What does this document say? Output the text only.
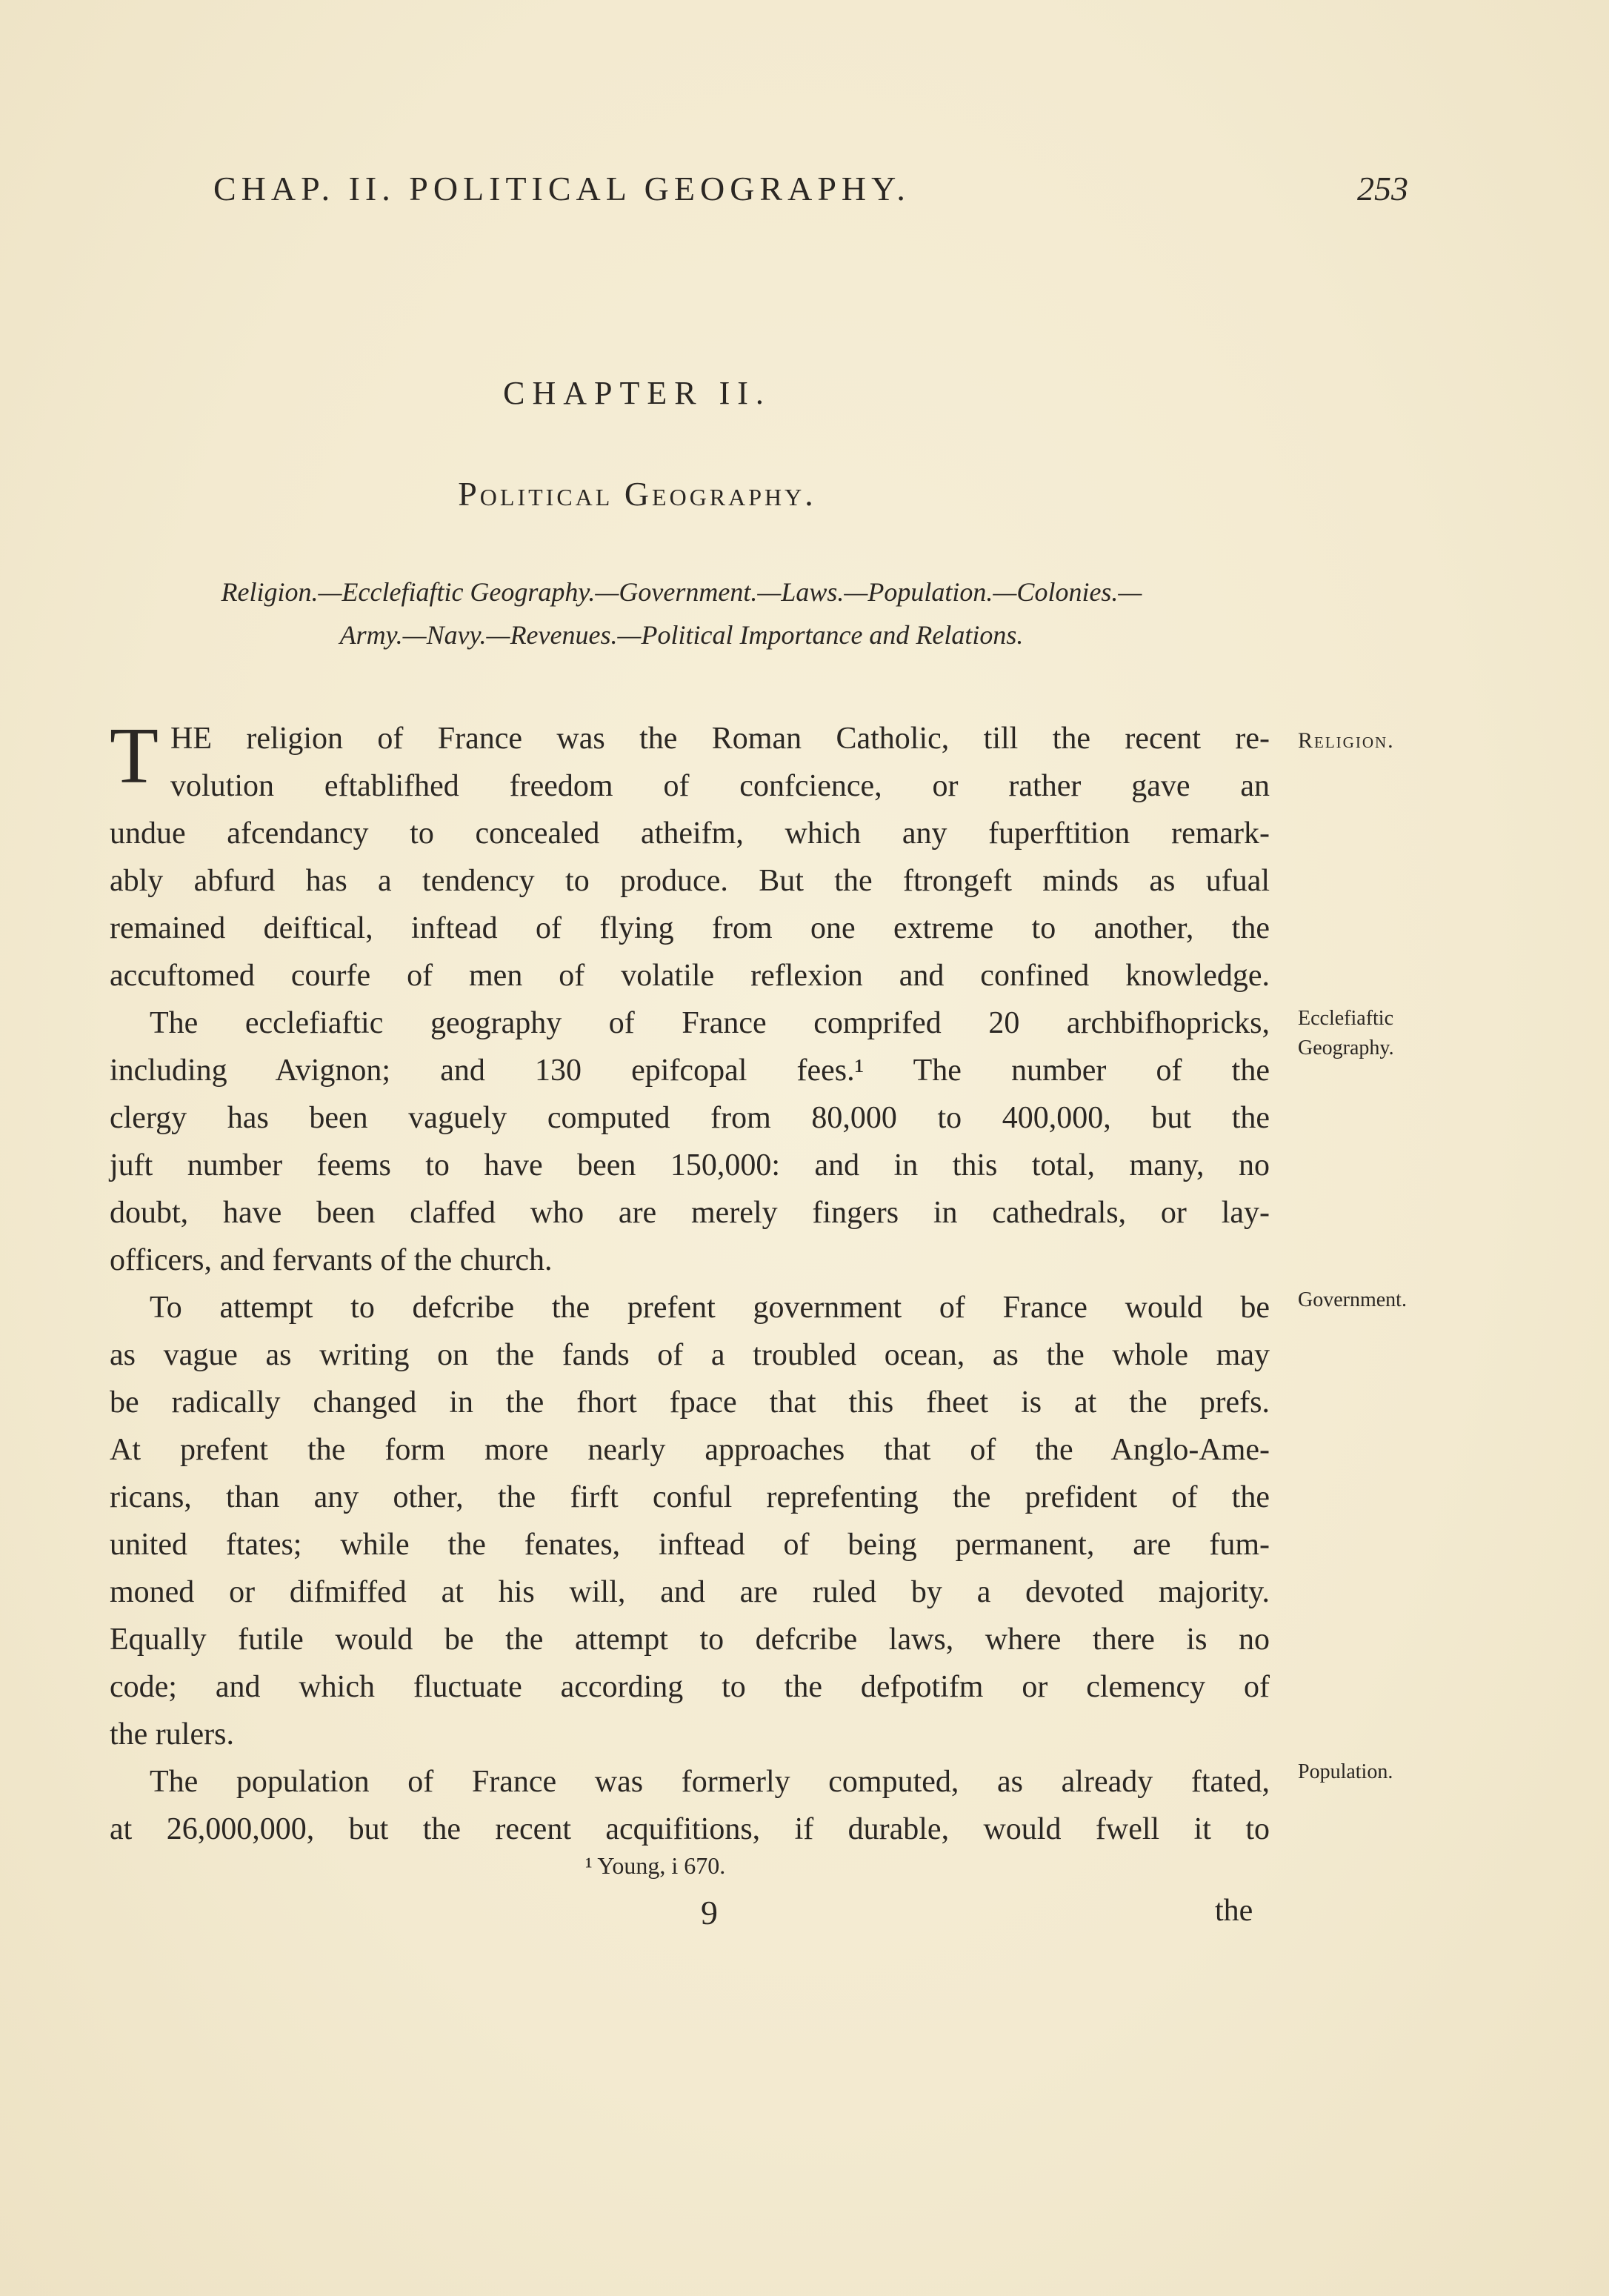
CHAP. II. POLITICAL GEOGRAPHY.	253
CHAPTER II.
Political Geography.
Religion.—Ecclefiaftic Geography.—Government.—Laws.—Population.—Colonies.—
Army.—Navy.—Revenues.—Political Importance and Relations.
T HE religion of France was the Roman Catholic, till the recent re-
volution eftablifhed freedom of confcience, or rather gave an
undue afcendancy to concealed atheifm, which any fuperftition remark-
ably abfurd has a tendency to produce. But the ftrongeft minds as ufual
remained deiftical, inftead of flying from one extreme to another, the
accuftomed courfe of men of volatile reflexion and confined knowledge.
The ecclefiaftic geography of France comprifed 20 archbifhopricks,
including Avignon; and 130 epifcopal fees.¹ The number of the
clergy has been vaguely computed from 80,000 to 400,000, but the
juft number feems to have been 150,000: and in this total, many, no
doubt, have been claffed who are merely fingers in cathedrals, or lay-
officers, and fervants of the church.
To attempt to defcribe the prefent government of France would be
as vague as writing on the fands of a troubled ocean, as the whole may
be radically changed in the fhort fpace that this fheet is at the prefs.
At prefent the form more nearly approaches that of the Anglo-Ame-
ricans, than any other, the firft conful reprefenting the prefident of the
united ftates; while the fenates, inftead of being permanent, are fum-
moned or difmiffed at his will, and are ruled by a devoted majority.
Equally futile would be the attempt to defcribe laws, where there is no
code; and which fluctuate according to the defpotifm or clemency of
the rulers.
The population of France was formerly computed, as already ftated,
at 26,000,000, but the recent acquifitions, if durable, would fwell it to
Religion.
Ecclefiaftic
Geography.
Government.
Population.
¹ Young, i 670.
9	the
